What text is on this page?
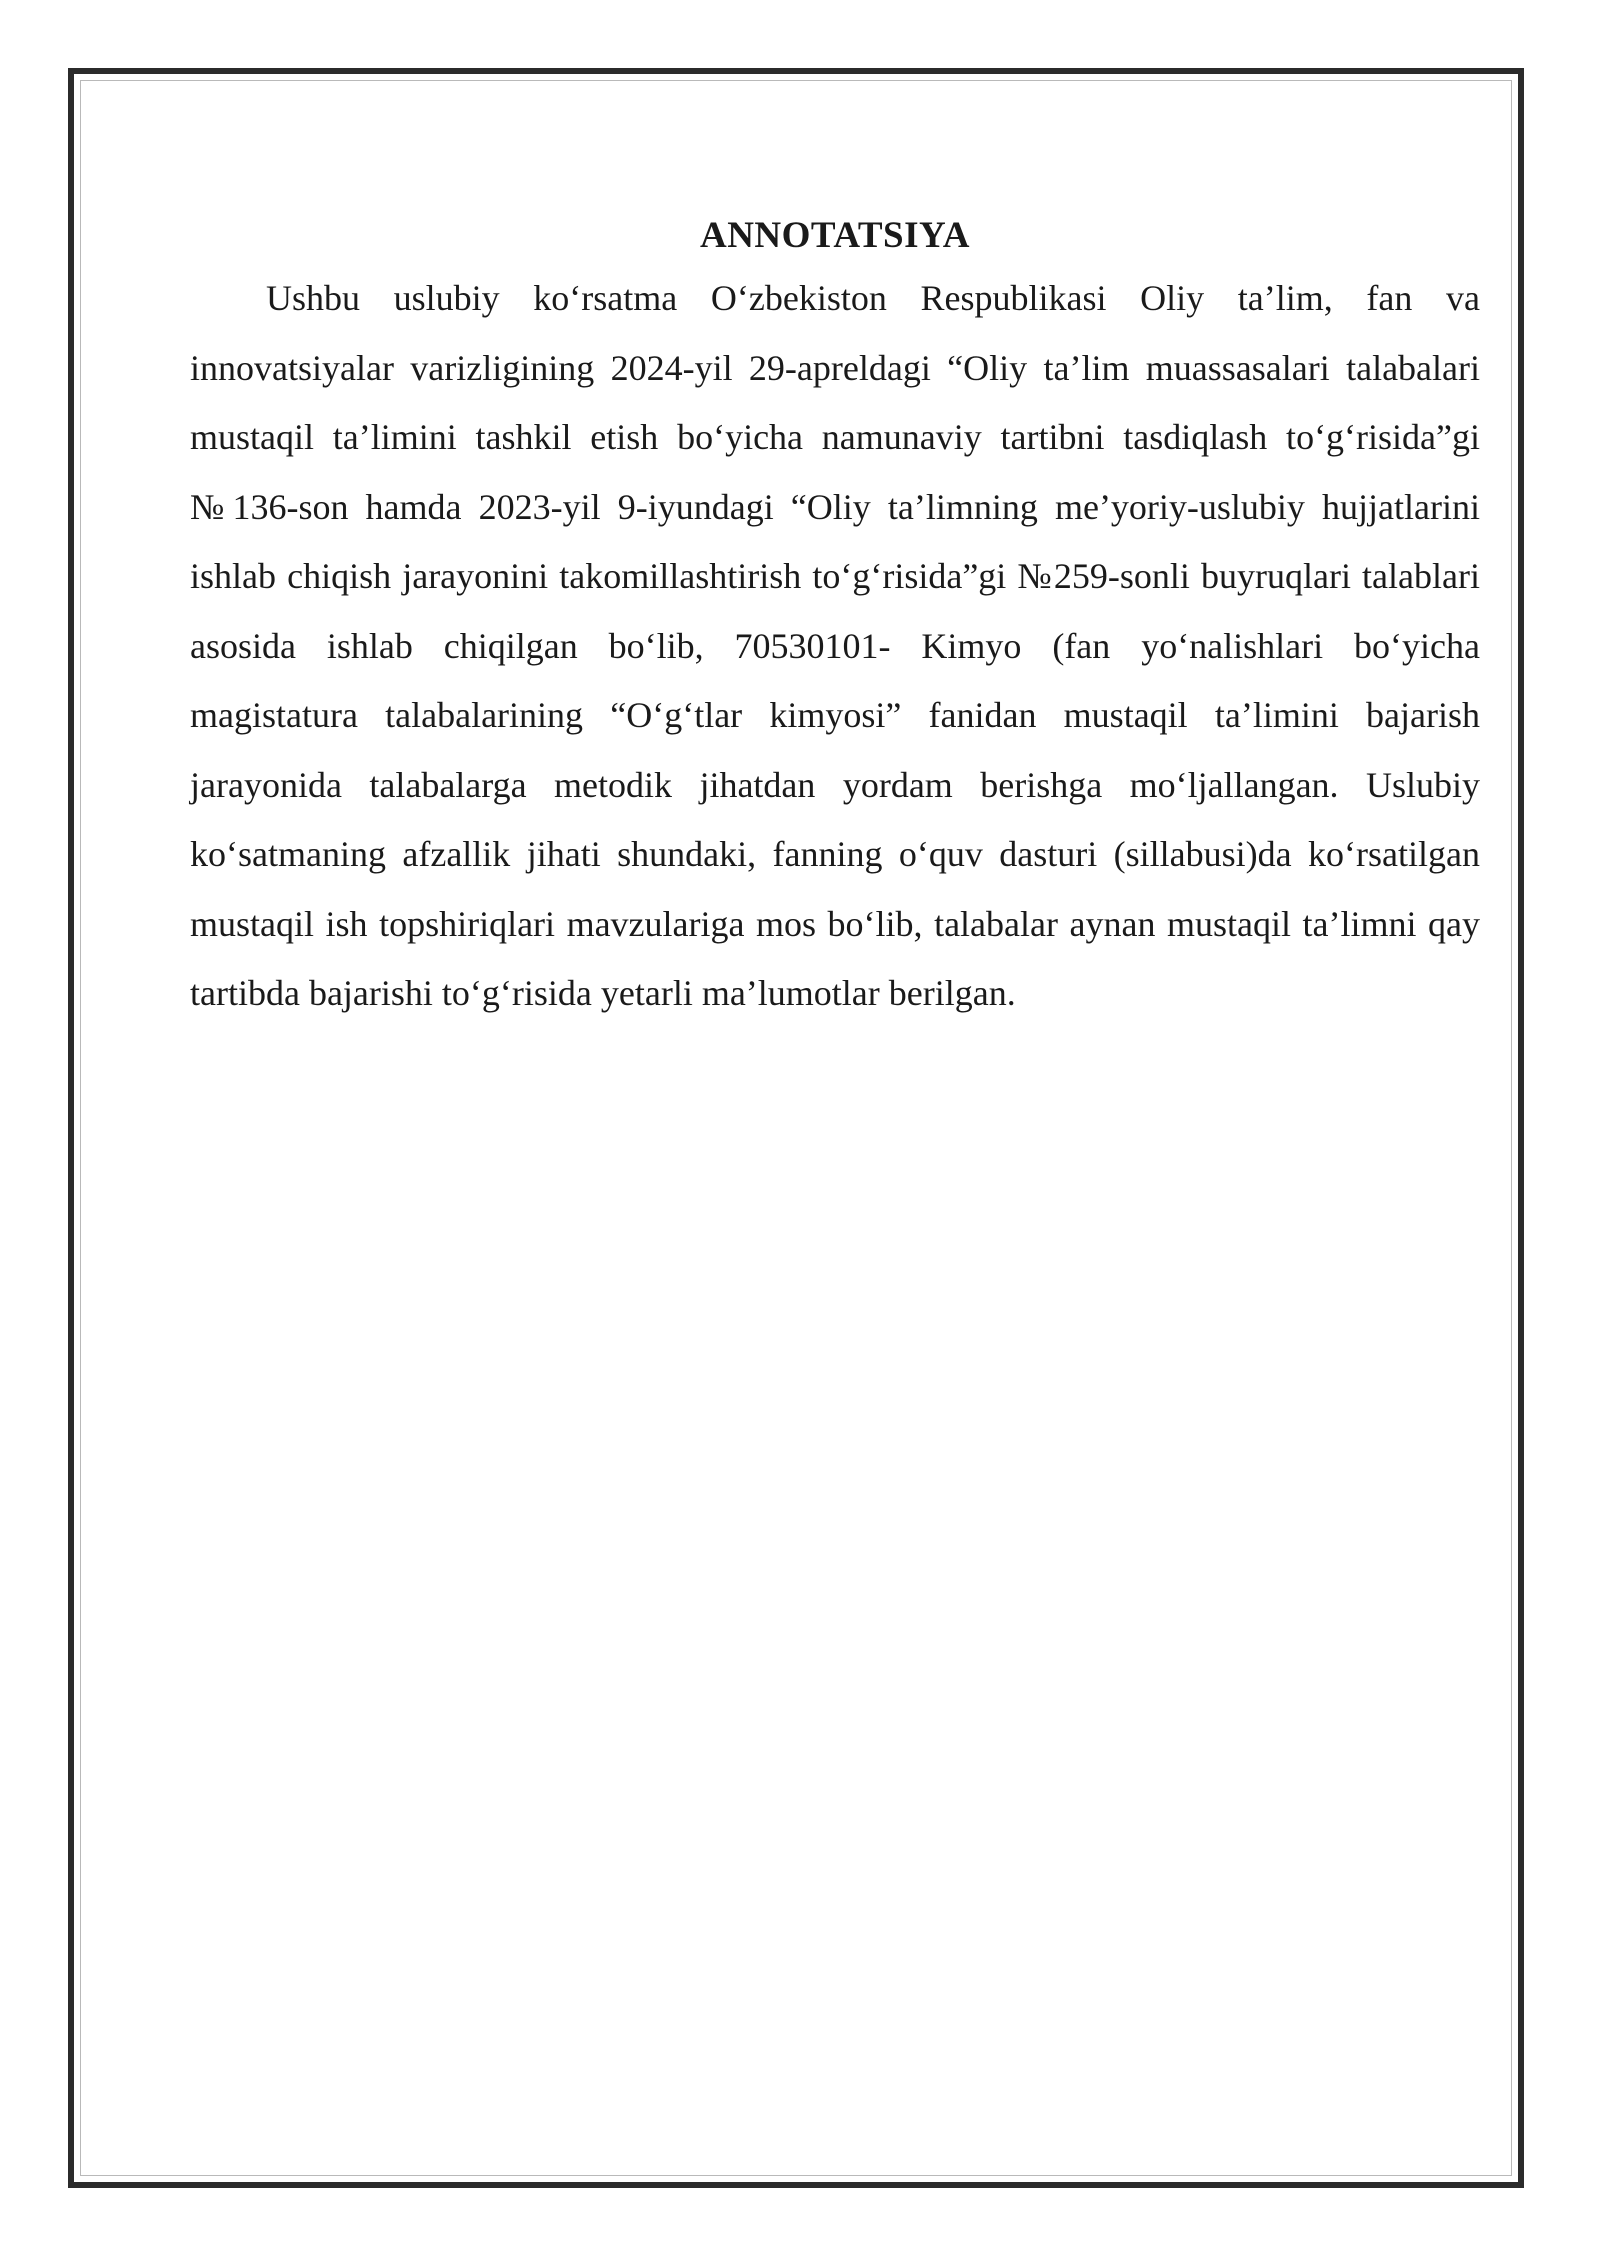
ANNOTATSIYA

Ushbu uslubiy ko‘rsatma O‘zbekiston Respublikasi Oliy ta’lim, fan va innovatsiyalar varizligining 2024-yil 29-apreldagi “Oliy ta’lim muassasalari talabalari mustaqil ta’limini tashkil etish bo‘yicha namunaviy tartibni tasdiqlash to‘g‘risida”gi №136-son hamda 2023-yil 9-iyundagi “Oliy ta’limning me’yoriy-uslubiy hujjatlarini ishlab chiqish jarayonini takomillashtirish to‘g‘risida”gi №259-sonli buyruqlari talablari asosida ishlab chiqilgan bo‘lib, 70530101- Kimyo (fan yo‘nalishlari bo‘yicha magistatura talabalarining “O‘g‘tlar kimyosi” fanidan mustaqil ta’limini bajarish jarayonida talabalarga metodik jihatdan yordam berishga mo‘ljallangan. Uslubiy ko‘satmaning afzallik jihati shundaki, fanning o‘quv dasturi (sillabusi)da ko‘rsatilgan mustaqil ish topshiriqlari mavzulariga mos bo‘lib, talabalar aynan mustaqil ta’limni qay tartibda bajarishi to‘g‘risida yetarli ma’lumotlar berilgan.
